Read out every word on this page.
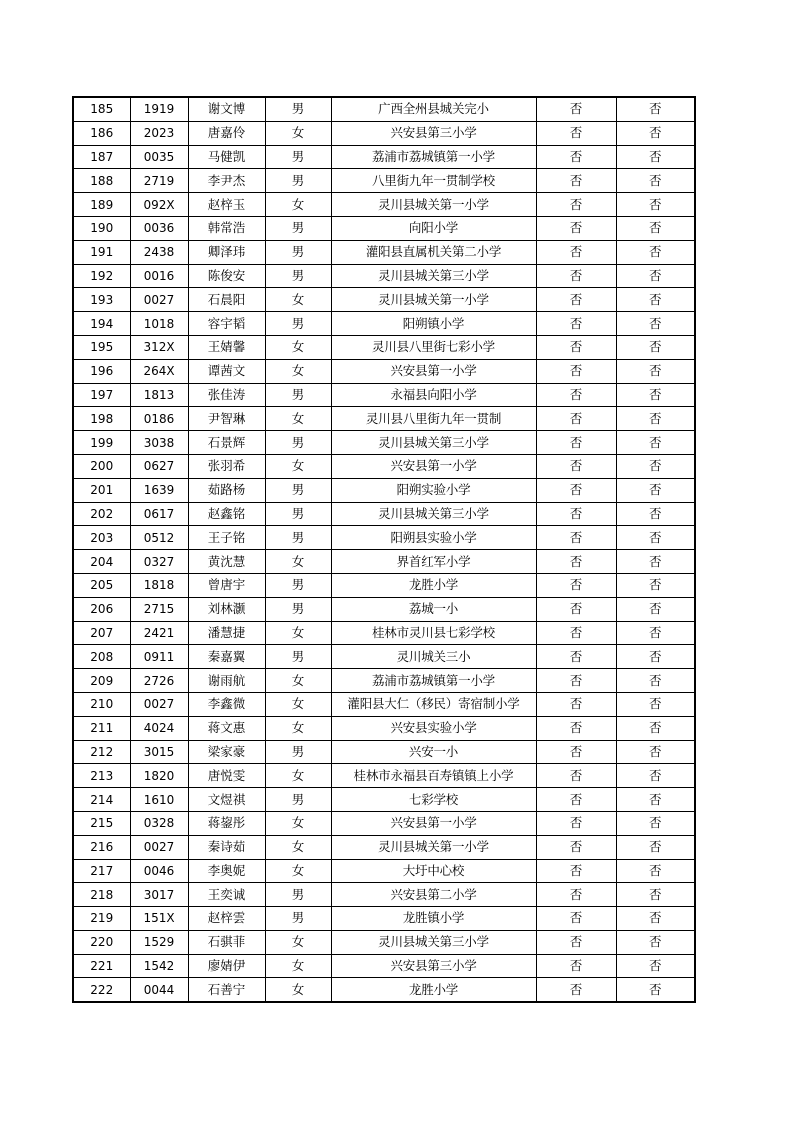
185	1919	谢文博	男	广西全州县城关完小	否	否
186	2023	唐嘉伶	女	兴安县第三小学	否	否
187	0035	马健凯	男	荔浦市荔城镇第一小学	否	否
188	2719	李尹杰	男	八里街九年一贯制学校	否	否
189	092X	赵梓玉	女	灵川县城关第一小学	否	否
190	0036	韩常浩	男	向阳小学	否	否
191	2438	卿泽玮	男	灌阳县直属机关第二小学	否	否
192	0016	陈俊安	男	灵川县城关第三小学	否	否
193	0027	石晨阳	女	灵川县城关第一小学	否	否
194	1018	容宇韬	男	阳朔镇小学	否	否
195	312X	王婧馨	女	灵川县八里街七彩小学	否	否
196	264X	谭茜文	女	兴安县第一小学	否	否
197	1813	张佳涛	男	永福县向阳小学	否	否
198	0186	尹智琳	女	灵川县八里街九年一贯制	否	否
199	3038	石景辉	男	灵川县城关第三小学	否	否
200	0627	张羽希	女	兴安县第一小学	否	否
201	1639	茹路杨	男	阳朔实验小学	否	否
202	0617	赵鑫铭	男	灵川县城关第三小学	否	否
203	0512	王子铭	男	阳朔县实验小学	否	否
204	0327	黄沈慧	女	界首红军小学	否	否
205	1818	曾唐宇	男	龙胜小学	否	否
206	2715	刘林灏	男	荔城一小	否	否
207	2421	潘慧捷	女	桂林市灵川县七彩学校	否	否
208	0911	秦嘉翼	男	灵川城关三小	否	否
209	2726	谢雨航	女	荔浦市荔城镇第一小学	否	否
210	0027	李鑫微	女	灌阳县大仁（移民）寄宿制小学	否	否
211	4024	蒋文惠	女	兴安县实验小学	否	否
212	3015	梁家豪	男	兴安一小	否	否
213	1820	唐悦雯	女	桂林市永福县百寿镇镇上小学	否	否
214	1610	文煜祺	男	七彩学校	否	否
215	0328	蒋鋆彤	女	兴安县第一小学	否	否
216	0027	秦诗茹	女	灵川县城关第一小学	否	否
217	0046	李奥妮	女	大圩中心校	否	否
218	3017	王奕诚	男	兴安县第二小学	否	否
219	151X	赵梓雲	男	龙胜镇小学	否	否
220	1529	石骐菲	女	灵川县城关第三小学	否	否
221	1542	廖婧伊	女	兴安县第三小学	否	否
222	0044	石善宁	女	龙胜小学	否	否
